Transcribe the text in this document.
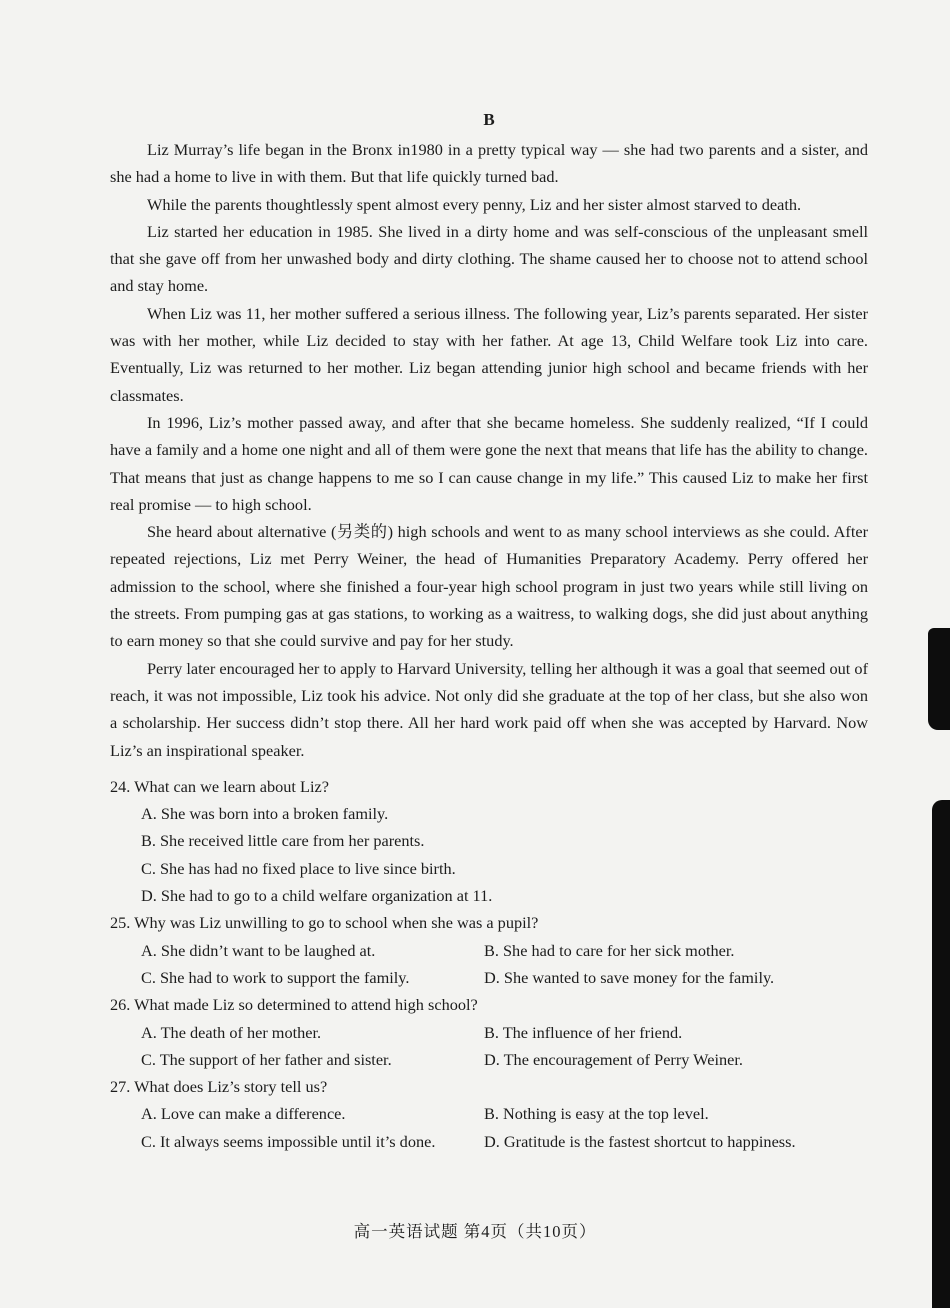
B

Liz Murray’s life began in the Bronx in1980 in a pretty typical way — she had two parents and a sister, and she had a home to live in with them. But that life quickly turned bad.

While the parents thoughtlessly spent almost every penny, Liz and her sister almost starved to death.

Liz started her education in 1985. She lived in a dirty home and was self-conscious of the unpleasant smell that she gave off from her unwashed body and dirty clothing. The shame caused her to choose not to attend school and stay home.

When Liz was 11, her mother suffered a serious illness. The following year, Liz’s parents separated. Her sister was with her mother, while Liz decided to stay with her father. At age 13, Child Welfare took Liz into care. Eventually, Liz was returned to her mother. Liz began attending junior high school and became friends with her classmates.

In 1996, Liz’s mother passed away, and after that she became homeless. She suddenly realized, “If I could have a family and a home one night and all of them were gone the next that means that life has the ability to change. That means that just as change happens to me so I can cause change in my life.” This caused Liz to make her first real promise — to high school.

She heard about alternative (另类的) high schools and went to as many school interviews as she could. After repeated rejections, Liz met Perry Weiner, the head of Humanities Preparatory Academy. Perry offered her admission to the school, where she finished a four-year high school program in just two years while still living on the streets. From pumping gas at gas stations, to working as a waitress, to walking dogs, she did just about anything to earn money so that she could survive and pay for her study.

Perry later encouraged her to apply to Harvard University, telling her although it was a goal that seemed out of reach, it was not impossible, Liz took his advice. Not only did she graduate at the top of her class, but she also won a scholarship. Her success didn’t stop there. All her hard work paid off when she was accepted by Harvard. Now Liz’s an inspirational speaker.

24. What can we learn about Liz?
A. She was born into a broken family.
B. She received little care from her parents.
C. She has had no fixed place to live since birth.
D. She had to go to a child welfare organization at 11.
25. Why was Liz unwilling to go to school when she was a pupil?
A. She didn’t want to be laughed at.	B. She had to care for her sick mother.
C. She had to work to support the family.	D. She wanted to save money for the family.
26. What made Liz so determined to attend high school?
A. The death of her mother.	B. The influence of her friend.
C. The support of her father and sister.	D. The encouragement of Perry Weiner.
27. What does Liz’s story tell us?
A. Love can make a difference.	B. Nothing is easy at the top level.
C. It always seems impossible until it’s done.	D. Gratitude is the fastest shortcut to happiness.
高一英语试题 第4页（共10页）
